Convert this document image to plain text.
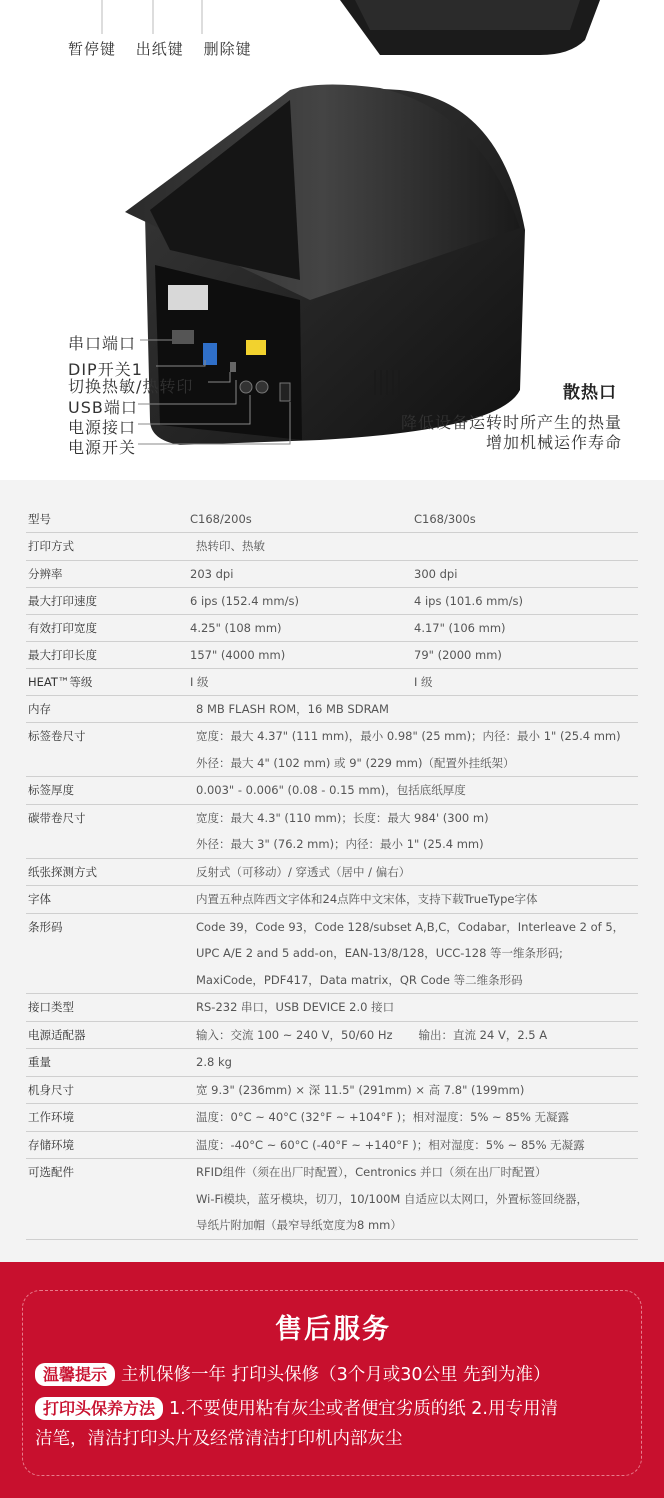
暂停键 出纸键 删除键
串口端口
DIP开关1
切换热敏/热转印
USB端口
电源接口
电源开关
散热口
降低设备运转时所产生的热量
增加机械运作寿命
型号	C168/200s	C168/300s
打印方式	热转印、热敏
分辨率	203 dpi	300 dpi
最大打印速度	6 ips (152.4 mm/s)	4 ips (101.6 mm/s)
有效打印宽度	4.25" (108 mm)	4.17" (106 mm)
最大打印长度	157" (4000 mm)	79" (2000 mm)
HEAT™等级	I 级	I 级
内存	8 MB FLASH ROM，16 MB SDRAM
标签卷尺寸	宽度：最大 4.37" (111 mm)，最小 0.98" (25 mm)；内径：最小 1" (25.4 mm)
外径：最大 4" (102 mm) 或 9" (229 mm)（配置外挂纸架）
标签厚度	0.003" - 0.006" (0.08 - 0.15 mm)，包括底纸厚度
碳带卷尺寸	宽度：最大 4.3" (110 mm)；长度：最大 984' (300 m)
外径：最大 3" (76.2 mm)；内径：最小 1" (25.4 mm)
纸张探测方式	反射式（可移动）/ 穿透式（居中 / 偏右）
字体	内置五种点阵西文字体和24点阵中文宋体，支持下载TrueType字体
条形码	Code 39，Code 93，Code 128/subset A,B,C，Codabar，Interleave 2 of 5，
UPC A/E 2 and 5 add-on，EAN-13/8/128，UCC-128 等一维条形码;
MaxiCode，PDF417，Data matrix，QR Code 等二维条形码
接口类型	RS-232 串口，USB DEVICE 2.0 接口
电源适配器	输入：交流 100 ~ 240 V，50/60 Hz 输出：直流 24 V，2.5 A
重量	2.8 kg
机身尺寸	宽 9.3" (236mm) × 深 11.5" (291mm) × 高 7.8" (199mm)
工作环境	温度：0°C ~ 40°C (32°F ~ +104°F )；相对湿度：5% ~ 85% 无凝露
存储环境	温度：-40°C ~ 60°C (-40°F ~ +140°F )；相对湿度：5% ~ 85% 无凝露
可选配件	RFID组件（须在出厂时配置），Centronics 并口（须在出厂时配置）
Wi-Fi模块，蓝牙模块，切刀，10/100M 自适应以太网口，外置标签回绕器，
导纸片附加帽（最窄导纸宽度为8 mm）
售后服务
温馨提示 主机保修一年 打印头保修（3个月或30公里 先到为准）
打印头保养方法 1.不要使用粘有灰尘或者便宜劣质的纸 2.用专用清
洁笔，清洁打印头片及经常清洁打印机内部灰尘
